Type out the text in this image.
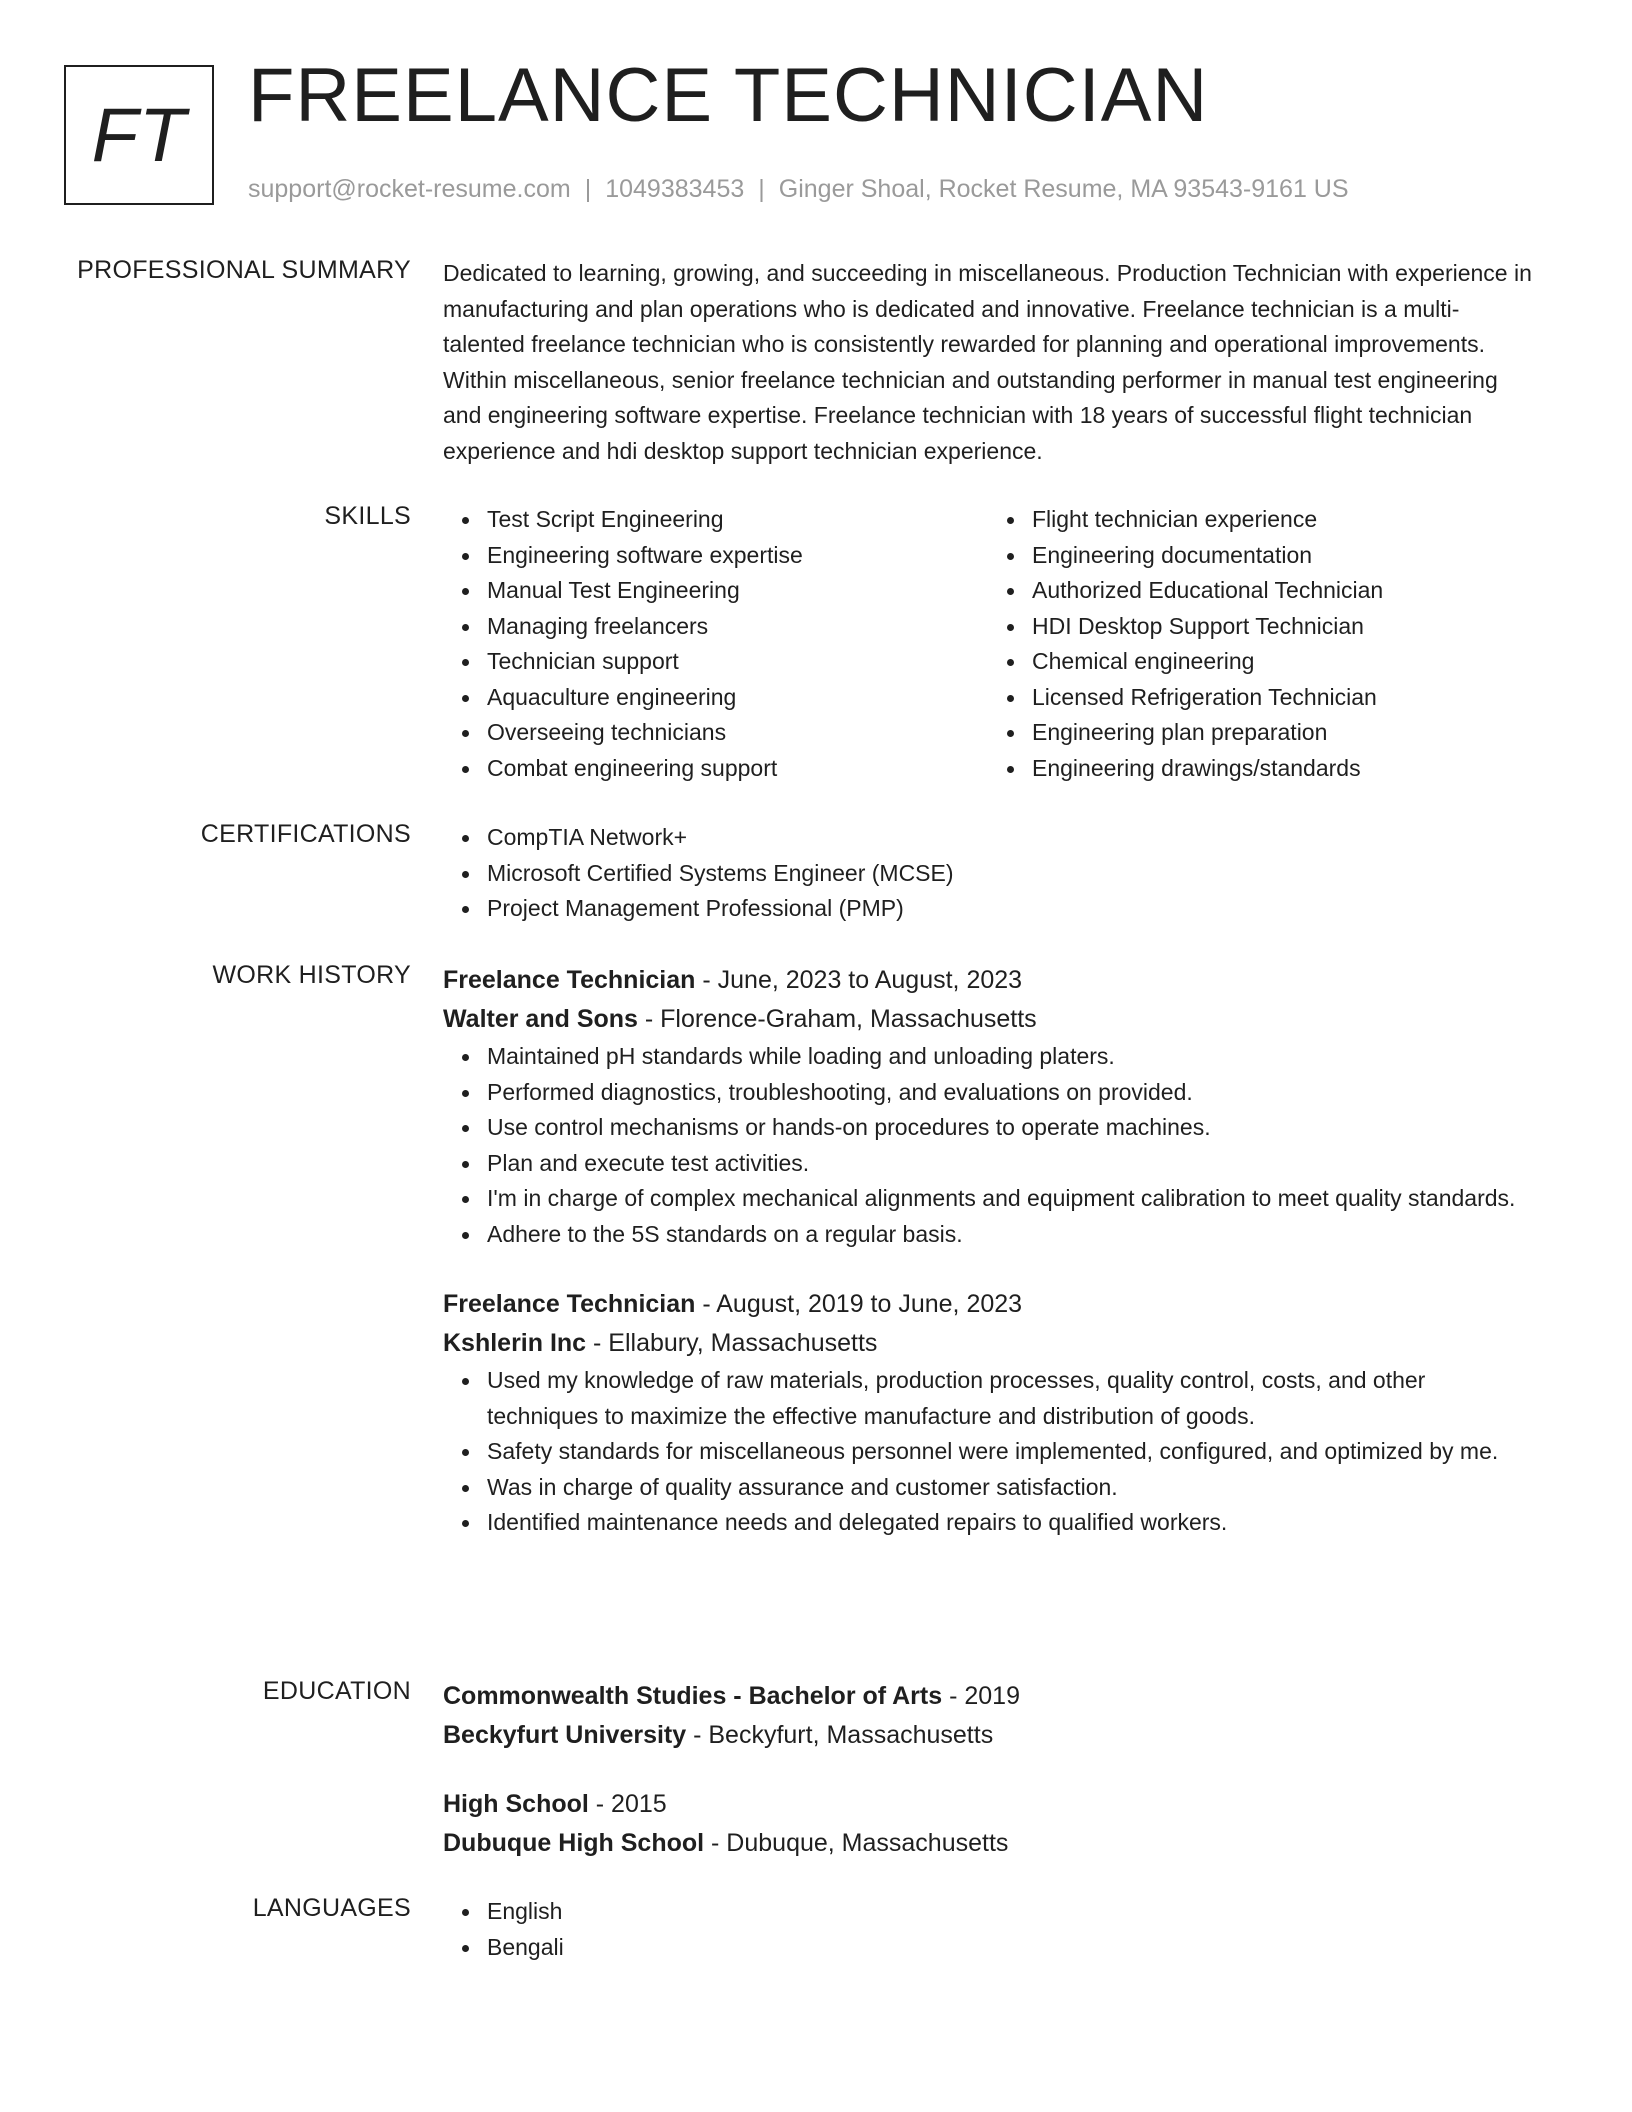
FT FREELANCE TECHNICIAN
support@rocket-resume.com | 1049383453 | Ginger Shoal, Rocket Resume, MA 93543-9161 US
PROFESSIONAL SUMMARY Dedicated to learning, growing, and succeeding in miscellaneous. Production Technician with experience in manufacturing and plan operations who is dedicated and innovative. Freelance technician is a multi-talented freelance technician who is consistently rewarded for planning and operational improvements. Within miscellaneous, senior freelance technician and outstanding performer in manual test engineering and engineering software expertise. Freelance technician with 18 years of successful flight technician experience and hdi desktop support technician experience.
SKILLS	Test Script Engineering
Engineering software expertise
Manual Test Engineering
Managing freelancers
Technician support
Aquaculture engineering
Overseeing technicians
Combat engineering support
Flight technician experience
Engineering documentation
Authorized Educational Technician
HDI Desktop Support Technician
Chemical engineering
Licensed Refrigeration Technician
Engineering plan preparation
Engineering drawings/standards
CERTIFICATIONS	CompTIA Network+
Microsoft Certified Systems Engineer (MCSE)
Project Management Professional (PMP)
WORK HISTORY Freelance Technician - June, 2023 to August, 2023
Walter and Sons - Florence-Graham, Massachusetts
Maintained pH standards while loading and unloading platers.
Performed diagnostics, troubleshooting, and evaluations on provided.
Use control mechanisms or hands-on procedures to operate machines.
Plan and execute test activities.
I'm in charge of complex mechanical alignments and equipment calibration to meet quality standards.
Adhere to the 5S standards on a regular basis.
Freelance Technician - August, 2019 to June, 2023
Kshlerin Inc - Ellabury, Massachusetts
Used my knowledge of raw materials, production processes, quality control, costs, and other techniques to maximize the effective manufacture and distribution of goods.
Safety standards for miscellaneous personnel were implemented, configured, and optimized by me.
Was in charge of quality assurance and customer satisfaction.
Identified maintenance needs and delegated repairs to qualified workers.
EDUCATION Commonwealth Studies - Bachelor of Arts - 2019
Beckyfurt University - Beckyfurt, Massachusetts
High School - 2015
Dubuque High School - Dubuque, Massachusetts
LANGUAGES	English
Bengali
